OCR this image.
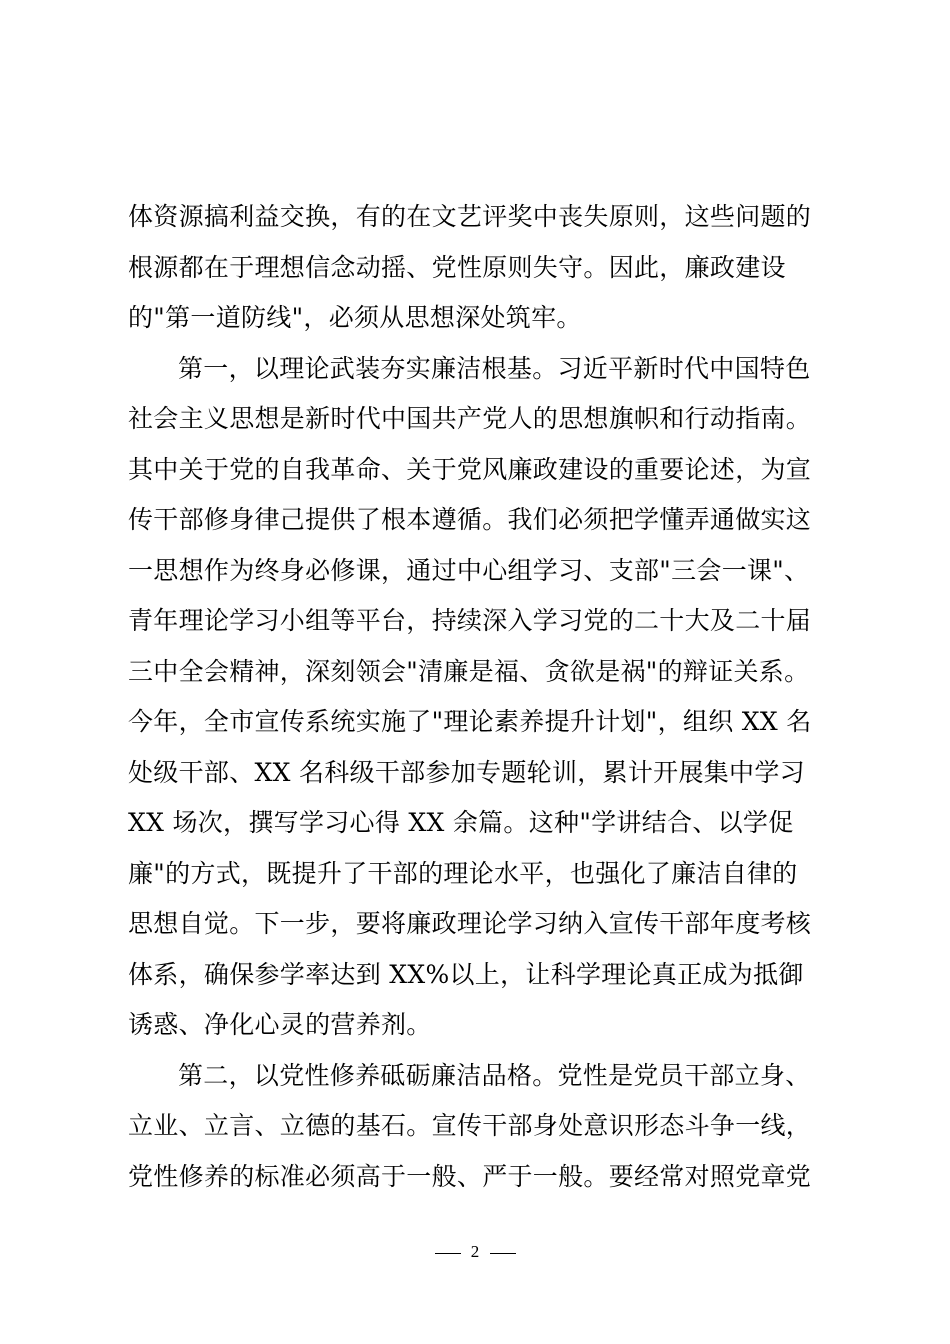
体资源搞利益交换，有的在文艺评奖中丧失原则，这些问题的
根源都在于理想信念动摇、党性原则失守。因此，廉政建设
的"第一道防线"，必须从思想深处筑牢。
第一，以理论武装夯实廉洁根基。习近平新时代中国特色
社会主义思想是新时代中国共产党人的思想旗帜和行动指南。
其中关于党的自我革命、关于党风廉政建设的重要论述，为宣
传干部修身律己提供了根本遵循。我们必须把学懂弄通做实这
一思想作为终身必修课，通过中心组学习、支部"三会一课"、
青年理论学习小组等平台，持续深入学习党的二十大及二十届
三中全会精神，深刻领会"清廉是福、贪欲是祸"的辩证关系。
今年，全市宣传系统实施了"理论素养提升计划"，组织 XX 名
处级干部、XX 名科级干部参加专题轮训，累计开展集中学习
XX 场次，撰写学习心得 XX 余篇。这种"学讲结合、以学促
廉"的方式，既提升了干部的理论水平，也强化了廉洁自律的
思想自觉。下一步，要将廉政理论学习纳入宣传干部年度考核
体系，确保参学率达到 XX%以上，让科学理论真正成为抵御
诱惑、净化心灵的营养剂。
第二，以党性修养砥砺廉洁品格。党性是党员干部立身、
立业、立言、立德的基石。宣传干部身处意识形态斗争一线，
党性修养的标准必须高于一般、严于一般。要经常对照党章党
2
